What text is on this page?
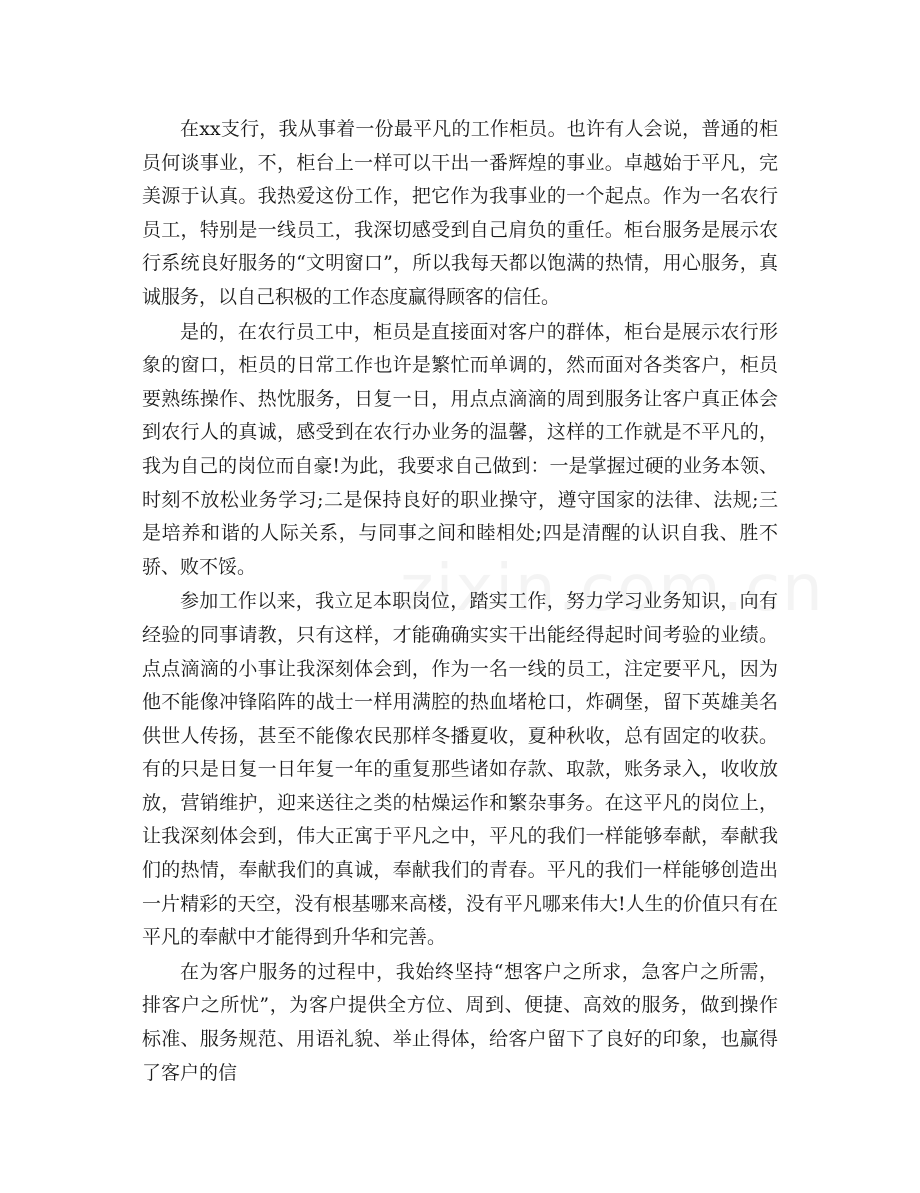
在xx支行，我从事着一份最平凡的工作柜员。也许有人会说，普通的柜员何谈事业，不，柜台上一样可以干出一番辉煌的事业。卓越始于平凡，完美源于认真。我热爱这份工作，把它作为我事业的一个起点。作为一名农行员工，特别是一线员工，我深切感受到自己肩负的重任。柜台服务是展示农行系统良好服务的“文明窗口”，所以我每天都以饱满的热情，用心服务，真诚服务，以自己积极的工作态度赢得顾客的信任。

是的，在农行员工中，柜员是直接面对客户的群体，柜台是展示农行形象的窗口，柜员的日常工作也许是繁忙而单调的，然而面对各类客户，柜员要熟练操作、热忱服务，日复一日，用点点滴滴的周到服务让客户真正体会到农行人的真诚，感受到在农行办业务的温馨，这样的工作就是不平凡的，我为自己的岗位而自豪!为此，我要求自己做到：一是掌握过硬的业务本领、时刻不放松业务学习;二是保持良好的职业操守，遵守国家的法律、法规;三是培养和谐的人际关系，与同事之间和睦相处;四是清醒的认识自我、胜不骄、败不馁。

参加工作以来，我立足本职岗位，踏实工作，努力学习业务知识，向有经验的同事请教，只有这样，才能确确实实干出能经得起时间考验的业绩。点点滴滴的小事让我深刻体会到，作为一名一线的员工，注定要平凡，因为他不能像冲锋陷阵的战士一样用满腔的热血堵枪口，炸碉堡，留下英雄美名供世人传扬，甚至不能像农民那样冬播夏收，夏种秋收，总有固定的收获。有的只是日复一日年复一年的重复那些诸如存款、取款，账务录入，收收放放，营销维护，迎来送往之类的枯燥运作和繁杂事务。在这平凡的岗位上，让我深刻体会到，伟大正寓于平凡之中，平凡的我们一样能够奉献，奉献我们的热情，奉献我们的真诚，奉献我们的青春。平凡的我们一样能够创造出一片精彩的天空，没有根基哪来高楼，没有平凡哪来伟大!人生的价值只有在平凡的奉献中才能得到升华和完善。

在为客户服务的过程中，我始终坚持“想客户之所求，急客户之所需，排客户之所忧”，为客户提供全方位、周到、便捷、高效的服务，做到操作标准、服务规范、用语礼貌、举止得体，给客户留下了良好的印象，也赢得了客户的信
